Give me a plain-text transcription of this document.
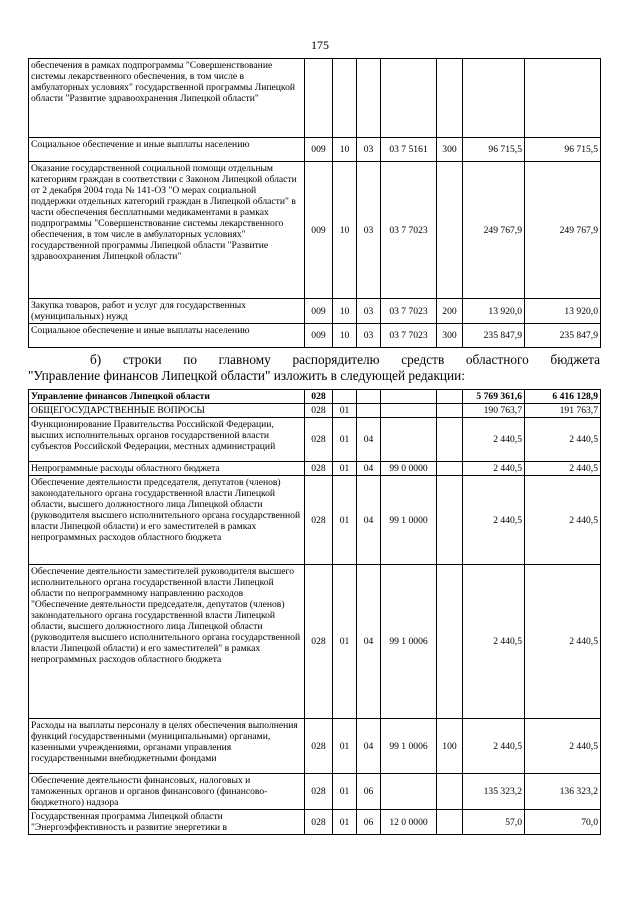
175
обеспечения в рамках подпрограммы "Совершенствование системы лекарственного обеспечения, в том числе в амбулаторных условиях" государственной программы Липецкой области "Развитие здравоохранения Липецкой области"							
Социальное обеспечение и иные выплаты населению	009	10	03	03 7 5161	300	96 715,5	96 715,5
Оказание государственной социальной помощи отдельным категориям граждан в соответствии с Законом Липецкой области от 2 декабря 2004 года № 141-ОЗ "О мерах социальной поддержки отдельных категорий граждан в Липецкой области" в части обеспечения бесплатными медикаментами в рамках подпрограммы "Совершенствование системы лекарственного обеспечения, в том числе в амбулаторных условиях" государственной программы Липецкой области "Развитие здравоохранения Липецкой области"	009	10	03	03 7 7023		249 767,9	249 767,9
Закупка товаров, работ и услуг для государственных (муниципальных) нужд	009	10	03	03 7 7023	200	13 920,0	13 920,0
Социальное обеспечение и иные выплаты населению	009	10	03	03 7 7023	300	235 847,9	235 847,9
б) строки по главному распорядителю средств областного бюджета
"Управление финансов Липецкой области" изложить в следующей редакции:
Управление финансов Липецкой области	028					5 769 361,6	6 416 128,9
ОБЩЕГОСУДАРСТВЕННЫЕ ВОПРОСЫ	028	01				190 763,7	191 763,7
Функционирование Правительства Российской Федерации, высших исполнительных органов государственной власти субъектов Российской Федерации, местных администраций	028	01	04			2 440,5	2 440,5
Непрограммные расходы областного бюджета	028	01	04	99 0 0000		2 440,5	2 440,5
Обеспечение деятельности председателя, депутатов (членов) законодательного органа государственной власти Липецкой области, высшего должностного лица Липецкой области (руководителя высшего исполнительного органа государственной власти Липецкой области) и его заместителей в рамках непрограммных расходов областного бюджета	028	01	04	99 1 0000		2 440,5	2 440,5
Обеспечение деятельности заместителей руководителя высшего исполнительного органа государственной власти Липецкой области по непрограммному направлению расходов "Обеспечение деятельности председателя, депутатов (членов) законодательного органа государственной власти Липецкой области, высшего должностного лица Липецкой области (руководителя высшего исполнительного органа государственной власти Липецкой области) и его заместителей" в рамках непрограммных расходов областного бюджета	028	01	04	99 1 0006		2 440,5	2 440,5
Расходы на выплаты персоналу в целях обеспечения выполнения функций государственными (муниципальными) органами, казенными учреждениями, органами управления государственными внебюджетными фондами	028	01	04	99 1 0006	100	2 440,5	2 440,5
Обеспечение деятельности финансовых, налоговых и таможенных органов и органов финансового (финансово-бюджетного) надзора	028	01	06			135 323,2	136 323,2
Государственная программа Липецкой области "Энергоэффективность и развитие энергетики в	028	01	06	12 0 0000		57,0	70,0
